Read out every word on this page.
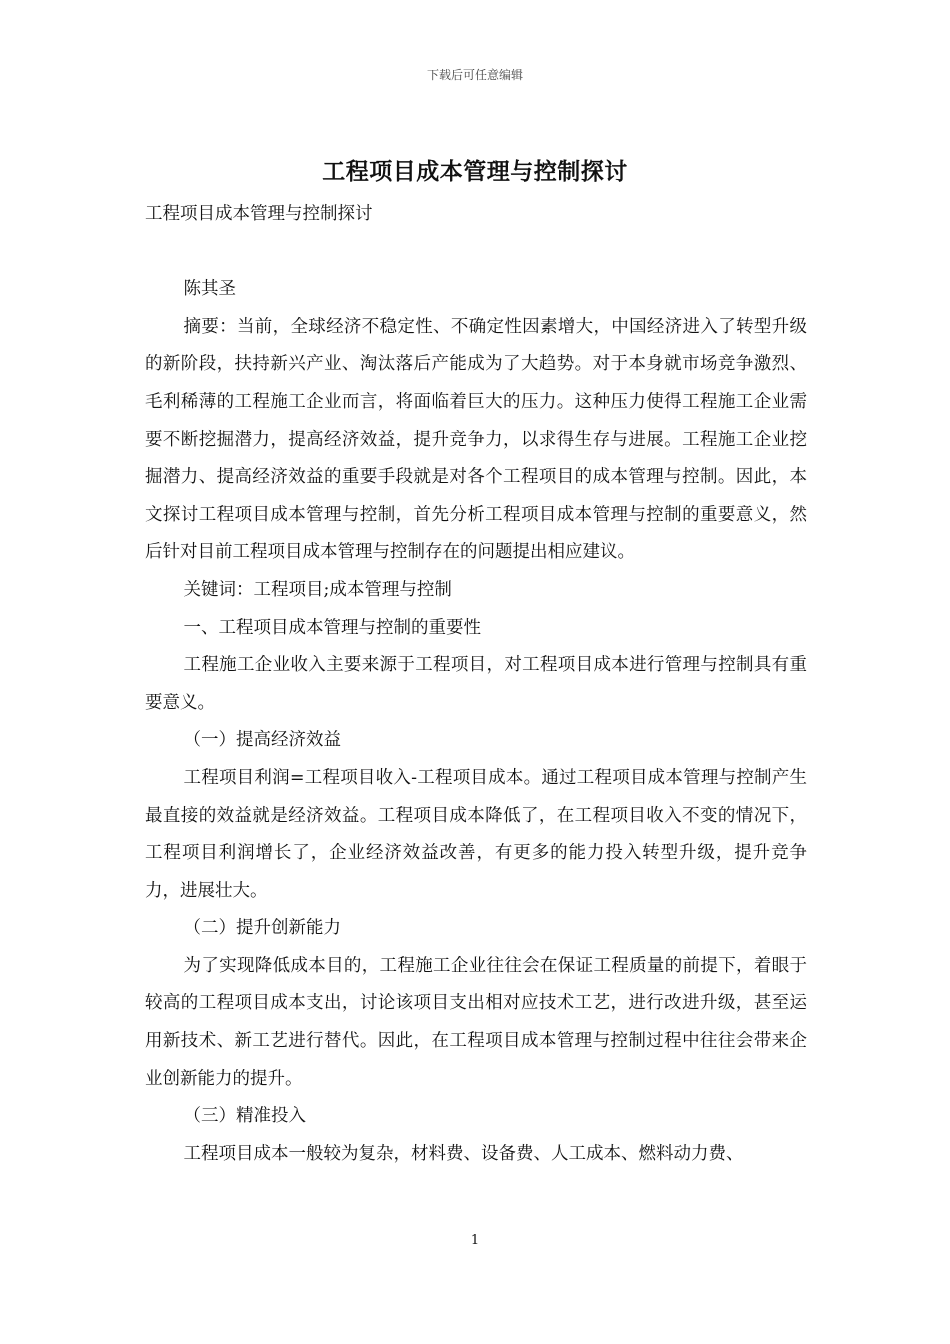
下载后可任意编辑
工程项目成本管理与控制探讨

工程项目成本管理与控制探讨

陈其圣

摘要：当前，全球经济不稳定性、不确定性因素增大，中国经济进入了转型升级的新阶段，扶持新兴产业、淘汰落后产能成为了大趋势。对于本身就市场竞争激烈、毛利稀薄的工程施工企业而言，将面临着巨大的压力。这种压力使得工程施工企业需要不断挖掘潜力，提高经济效益，提升竞争力，以求得生存与进展。工程施工企业挖掘潜力、提高经济效益的重要手段就是对各个工程项目的成本管理与控制。因此，本文探讨工程项目成本管理与控制，首先分析工程项目成本管理与控制的重要意义，然后针对目前工程项目成本管理与控制存在的问题提出相应建议。

关键词：工程项目;成本管理与控制

一、工程项目成本管理与控制的重要性

工程施工企业收入主要来源于工程项目，对工程项目成本进行管理与控制具有重要意义。

（一）提高经济效益

工程项目利润=工程项目收入-工程项目成本。通过工程项目成本管理与控制产生最直接的效益就是经济效益。工程项目成本降低了，在工程项目收入不变的情况下，工程项目利润增长了，企业经济效益改善，有更多的能力投入转型升级，提升竞争力，进展壮大。

（二）提升创新能力

为了实现降低成本目的，工程施工企业往往会在保证工程质量的前提下，着眼于较高的工程项目成本支出，讨论该项目支出相对应技术工艺，进行改进升级，甚至运用新技术、新工艺进行替代。因此，在工程项目成本管理与控制过程中往往会带来企业创新能力的提升。

（三）精准投入

工程项目成本一般较为复杂，材料费、设备费、人工成本、燃料动力费、

1
